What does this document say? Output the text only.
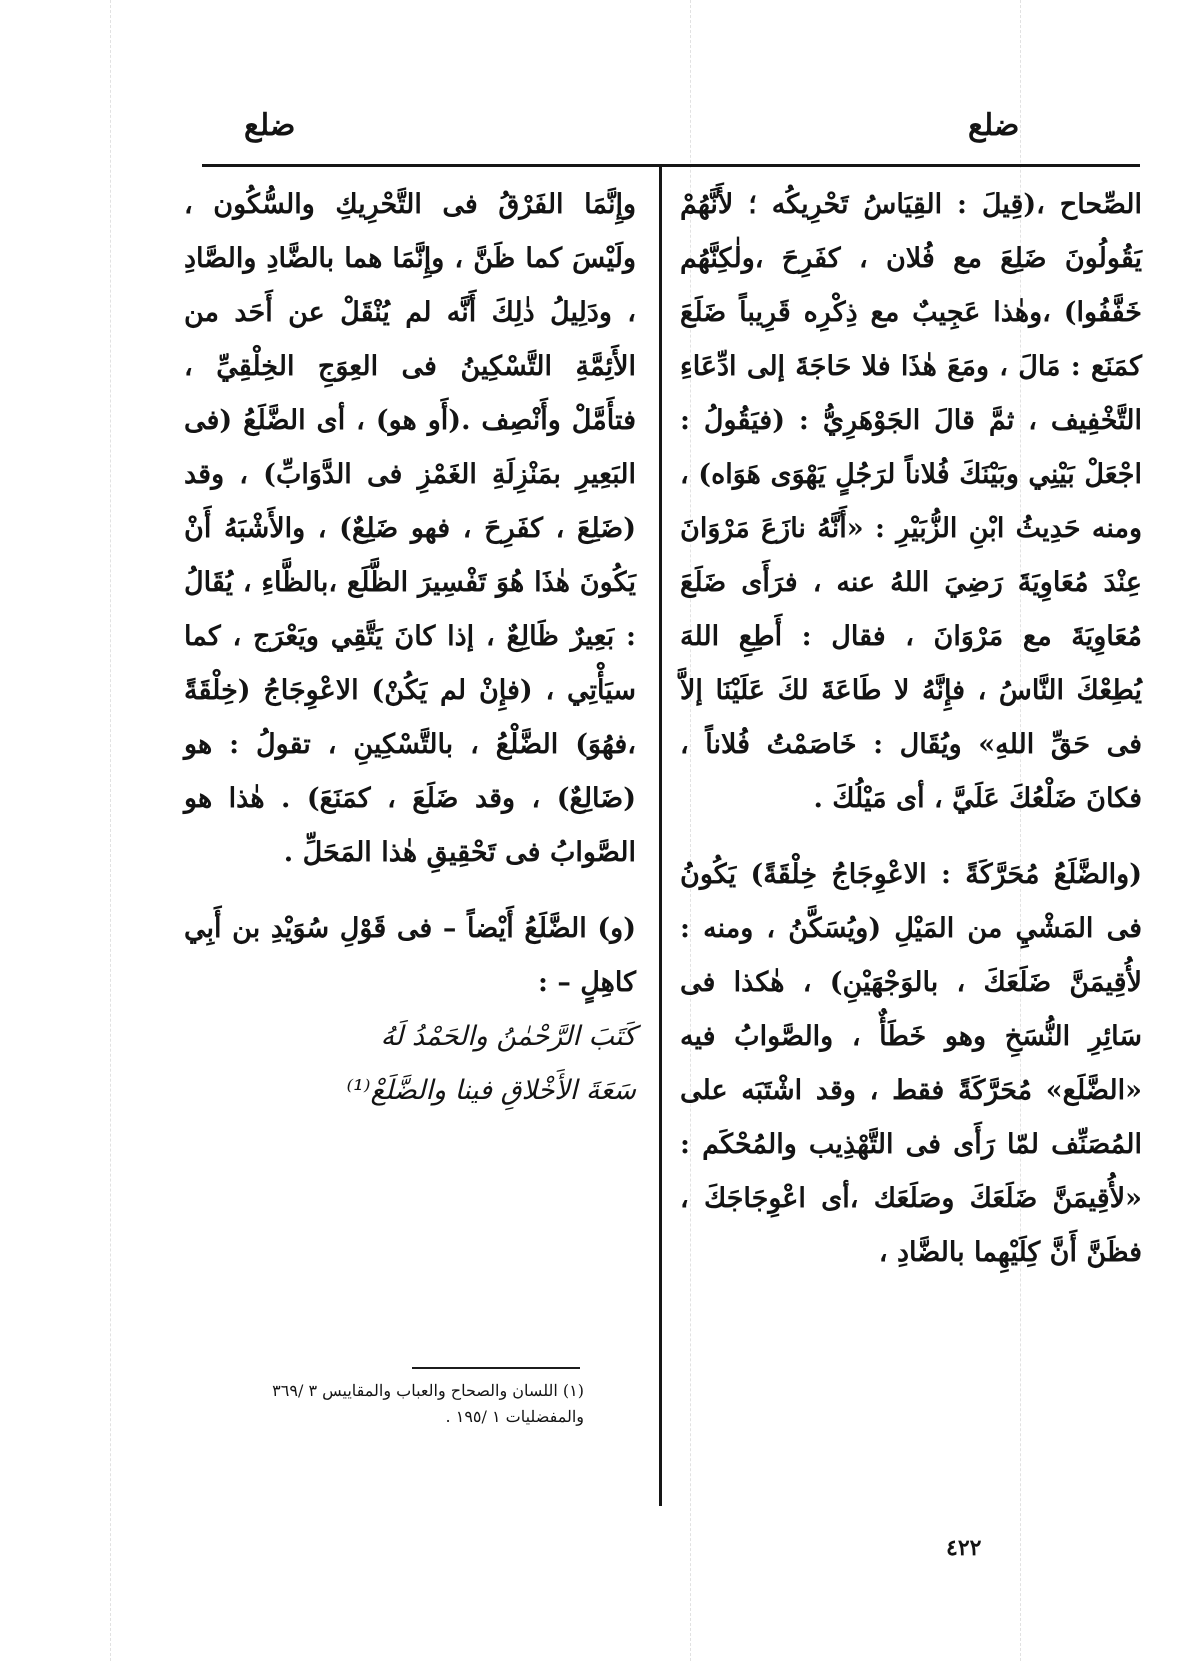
ضلع
ضلع

الصِّحاح ،(قِيلَ : القِيَاسُ تَحْرِيكُه ؛ لأَنَّهُمْ يَقُولُونَ ضَلِعَ مع فُلان ، كفَرِحَ ،ولٰكِنَّهُم خَفَّفُوا) ،وهٰذا عَجِيبٌ مع ذِكْرِه قَرِيباً ضَلَعَ كمَنَع : مَالَ ، ومَعَ هٰذَا فلا حَاجَةَ إلى ادِّعَاءِ التَّخْفِيف ، ثمَّ قالَ الجَوْهَرِيُّ : (فيَقُولُ : اجْعَلْ بَيْنِي وبَيْنَكَ فُلاناً لرَجُلٍ يَهْوَى هَوَاه) ، ومنه حَدِيثُ ابْنِ الزُّبَيْرِ : «أَنَّهُ نازَعَ مَرْوَانَ عِنْدَ مُعَاوِيَةَ رَضِيَ اللهُ عنه ، فرَأَى ضَلَعَ مُعَاوِيَةَ مع مَرْوَانَ ، فقال : أَطِعِ اللهَ يُطِعْكَ النَّاسُ ، فإِنَّهُ لا طَاعَةَ لكَ عَلَيْنَا إلاَّ فى حَقِّ اللهِ» ويُقَال : خَاصَمْتُ فُلاناً ، فكانَ ضَلْعُكَ عَلَيَّ ، أى مَيْلُكَ .

(والضَّلَعُ مُحَرَّكَةً : الاعْوِجَاجُ خِلْقَةً) يَكُونُ فى المَشْيِ من المَيْلِ (ويُسَكَّنُ ، ومنه : لأُقِيمَنَّ ضَلَعَكَ ، بالوَجْهَيْنِ) ، هٰكذا فى سَائِرِ النُّسَخِ وهو خَطَأٌ ، والصَّوابُ فيه «الضَّلَع» مُحَرَّكَةً فقط ، وقد اشْتَبَه على المُصَنِّف لمّا رَأَى فى التَّهْذِيب والمُحْكَم : «لأُقِيمَنَّ ضَلَعَكَ وصَلَعَك ،أى اعْوِجَاجَكَ ، فظَنَّ أَنَّ كِلَيْهِما بالضَّادِ ،

وإِنَّمَا الفَرْقُ فى التَّحْرِيكِ والسُّكُون ، ولَيْسَ كما ظَنَّ ، وإِنَّمَا هما بالضَّادِ والصَّادِ ، ودَلِيلُ ذٰلِكَ أَنَّه لم يُنْقَلْ عن أَحَد من الأَئِمَّةِ التَّسْكِينُ فى العِوَجِ الخِلْقِيِّ ، فتأَمَّلْ وأَنْصِف .(أَو هو) ، أى الضَّلَعُ (فى البَعِيرِ بمَنْزِلَةِ الغَمْزِ فى الدَّوَابِّ) ، وقد (ضَلِعَ ، كفَرِحَ ، فهو ضَلِعٌ) ، والأَشْبَهُ أَنْ يَكُونَ هٰذَا هُوَ تَفْسِيرَ الظَّلَع ،بالظَّاءِ ، يُقَالُ : بَعِيرٌ ظَالِعٌ ، إذا كانَ يَتَّقِي ويَعْرَج ، كما سيَأْتِي ، (فإِنْ لم يَكُنْ) الاعْوِجَاجُ (خِلْقَةً ،فهُوَ) الضَّلْعُ ، بالتَّسْكِينِ ، تقولُ : هو (ضَالِعٌ) ، وقد ضَلَعَ ، كمَنَعَ) . هٰذا هو الصَّوابُ فى تَحْقِيقِ هٰذا المَحَلِّ .

(و) الضَّلَعُ أَيْضاً – فى قَوْلِ سُوَيْدِ بن أَبِي كاهِلٍ – :

كَتَبَ الرَّحْمٰنُ والحَمْدُ لَهُ

سَعَةَ الأَخْلاقِ فينا والضَّلَعْ⁽¹⁾

(١) اللسان والصحاح والعباب والمقاييس ٣ /٣٦٩
والمفضليات ١ /١٩٥ .
٤٢٢
